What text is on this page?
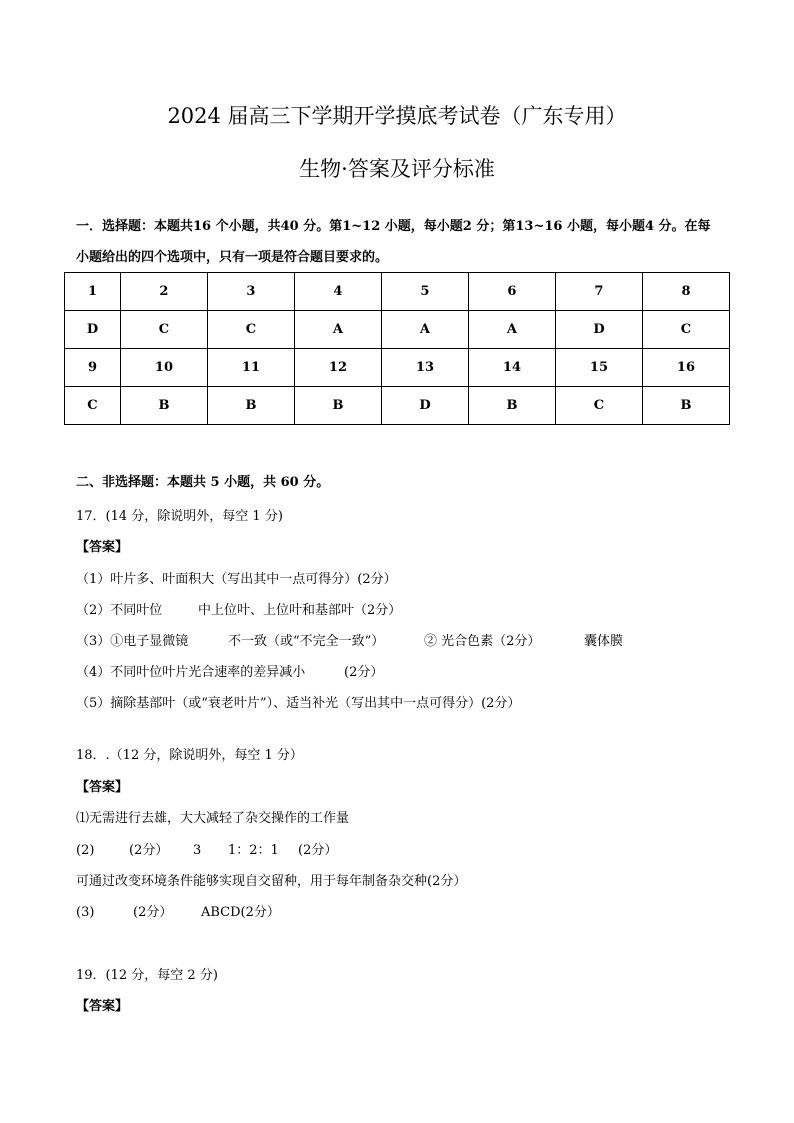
2024 届高三下学期开学摸底考试卷（广东专用）
生物·答案及评分标准
一．选择题：本题共16 个小题，共40 分。第1~12 小题，每小题2 分；第13~16 小题，每小题4 分。在每
小题给出的四个选项中，只有一项是符合题目要求的。
1	2	3	4	5	6	7	8
D	C	C	A	A	A	D	C
9	10	11	12	13	14	15	16
C	B	B	B	D	B	C	B
二、非选择题：本题共 5 小题，共 60 分。
17．(14 分，除说明外，每空 1 分)
【答案】
（1）叶片多、叶面积大（写出其中一点可得分）(2分）
（2）不同叶位	中上位叶、上位叶和基部叶（2分）
（3）①电子显微镜	不一致（或“不完全一致”）	② 光合色素（2分）	囊体膜
（4）不同叶位叶片光合速率的差异减小	(2分）
（5）摘除基部叶（或“衰老叶片”）、适当补光（写出其中一点可得分）(2分）
18．.（12 分，除说明外，每空 1 分）
【答案】
⑴无需进行去雄，大大减轻了杂交操作的工作量
(2)	(2分） 3 1：2：1 (2分）
可通过改变环境条件能够实现自交留种，用于每年制备杂交种(2分）
(3)	(2分） ABCD(2分）
19．(12 分，每空 2 分)
【答案】
